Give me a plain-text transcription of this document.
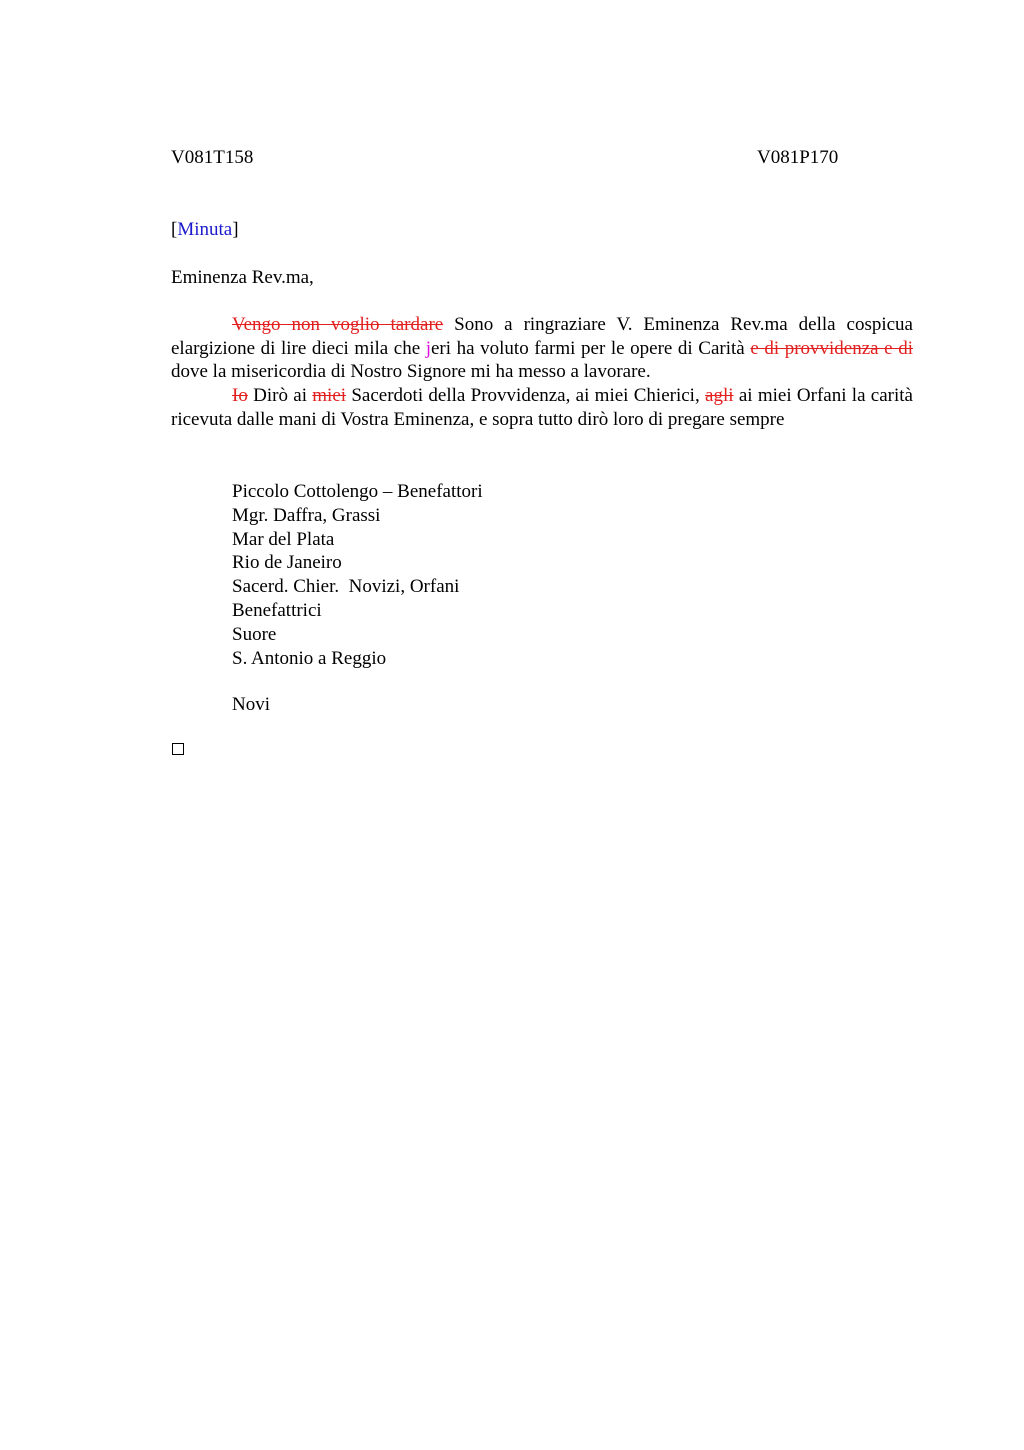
V081T158	V081P170
[Minuta]
Eminenza Rev.ma,

Vengo non voglio tardare Sono a ringraziare V. Eminenza Rev.ma della cospicua elargizione di lire dieci mila che jeri ha voluto farmi per le opere di Carità e di provvidenza e di dove la misericordia di Nostro Signore mi ha messo a lavorare.

Io Dirò ai miei Sacerdoti della Provvidenza, ai miei Chierici, agli ai miei Orfani la carità ricevuta dalle mani di Vostra Eminenza, e sopra tutto dirò loro di pregare sempre

Piccolo Cottolengo – Benefattori
Mgr. Daffra, Grassi
Mar del Plata
Rio de Janeiro
Sacerd. Chier.  Novizi, Orfani
Benefattrici
Suore
S. Antonio a Reggio
Novi
